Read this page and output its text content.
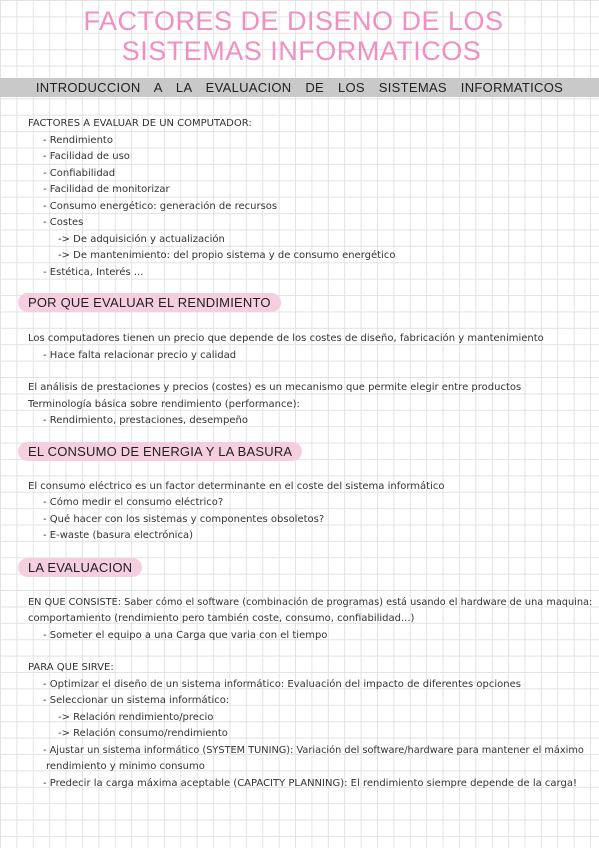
FACTORES DE DISENO DE LOS
SISTEMAS INFORMATICOS
INTRODUCCION A LA EVALUACION DE LOS SISTEMAS INFORMATICOS
FACTORES A EVALUAR DE UN COMPUTADOR:
- Rendimiento
- Facilidad de uso
- Confiabilidad
- Facilidad de monitorizar
- Consumo energético: generación de recursos
- Costes
-> De adquisición y actualización
-> De mantenimiento: del propio sistema y de consumo energético
- Estética, Interés ...
POR QUE EVALUAR EL RENDIMIENTO
Los computadores tienen un precio que depende de los costes de diseño, fabricación y mantenimiento
- Hace falta relacionar precio y calidad
El análisis de prestaciones y precios (costes) es un mecanismo que permite elegir entre productos
Terminología básica sobre rendimiento (performance):
- Rendimiento, prestaciones, desempeño
EL CONSUMO DE ENERGIA Y LA BASURA
El consumo eléctrico es un factor determinante en el coste del sistema informático
- Cómo medir el consumo eléctrico?
- Qué hacer con los sistemas y componentes obsoletos?
- E-waste (basura electrónica)
LA EVALUACION
EN QUE CONSISTE: Saber cómo el software (combinación de programas) está usando el hardware de una maquina:
comportamiento (rendimiento pero también coste, consumo, confiabilidad...)
- Someter el equipo a una Carga que varia con el tiempo
PARA QUE SIRVE:
- Optimizar el diseño de un sistema informático: Evaluación del impacto de diferentes opciones
- Seleccionar un sistema informático:
-> Relación rendimiento/precio
-> Relación consumo/rendimiento
- Ajustar un sistema informático (SYSTEM TUNING): Variación del software/hardware para mantener el máximo
rendimiento y minimo consumo
- Predecir la carga máxima aceptable (CAPACITY PLANNING): El rendimiento siempre depende de la carga!
